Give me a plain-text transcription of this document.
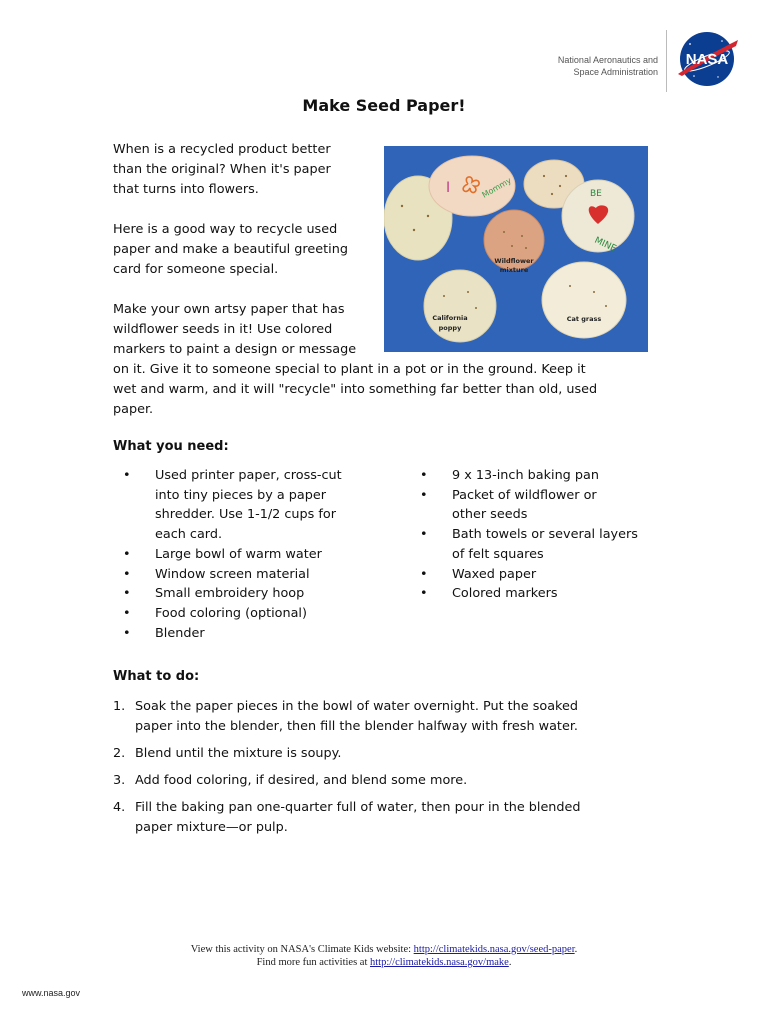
National Aeronautics and
Space Administration
NASA
Make Seed Paper!
I	Mommy	BE
MINE
Wildflower
mixture
California
poppy
Cat grass

When is a recycled product better
than the original? When it's paper
that turns into flowers.

Here is a good way to recycle used
paper and make a beautiful greeting
card for someone special.

Make your own artsy paper that has
wildflower seeds in it! Use colored
markers to paint a design or message
on it. Give it to someone special to plant in a pot or in the ground. Keep it
wet and warm, and it will "recycle" into something far better than old, used
paper.

What you need:
• Used printer paper, cross-cut
into tiny pieces by a paper
shredder. Use 1-1/2 cups for
each card.
• Large bowl of warm water
• Window screen material
• Small embroidery hoop
• Food coloring (optional)
• Blender
• 9 x 13-inch baking pan
• Packet of wildflower or
other seeds
• Bath towels or several layers
of felt squares
• Waxed paper
• Colored markers
What to do:
1. Soak the paper pieces in the bowl of water overnight. Put the soaked
paper into the blender, then fill the blender halfway with fresh water.
2. Blend until the mixture is soupy.
3. Add food coloring, if desired, and blend some more.
4. Fill the baking pan one-quarter full of water, then pour in the blended
paper mixture—or pulp.
View this activity on NASA's Climate Kids website: http://climatekids.nasa.gov/seed-paper.
Find more fun activities at http://climatekids.nasa.gov/make.
www.nasa.gov
